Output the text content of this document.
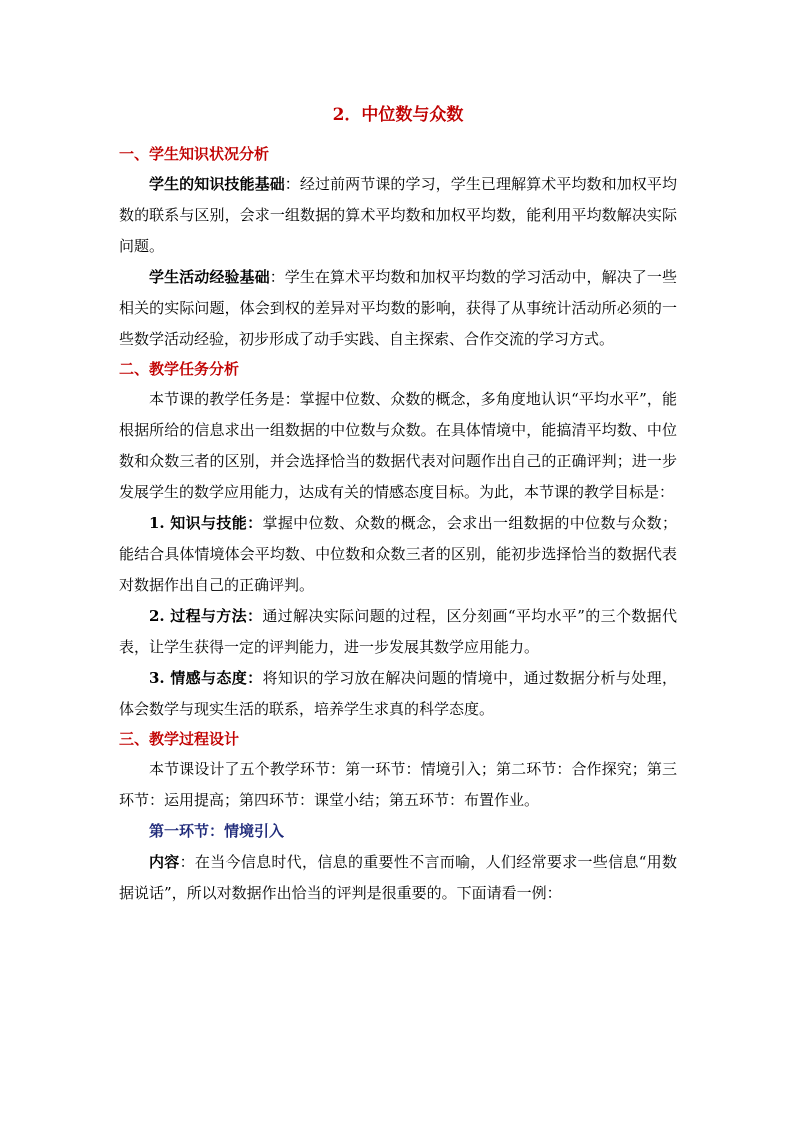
2．中位数与众数
一、学生知识状况分析

学生的知识技能基础：经过前两节课的学习，学生已理解算术平均数和加权平均数的联系与区别，会求一组数据的算术平均数和加权平均数，能利用平均数解决实际问题。

学生活动经验基础：学生在算术平均数和加权平均数的学习活动中，解决了一些相关的实际问题，体会到权的差异对平均数的影响，获得了从事统计活动所必须的一些数学活动经验，初步形成了动手实践、自主探索、合作交流的学习方式。

二、教学任务分析

本节课的教学任务是：掌握中位数、众数的概念，多角度地认识“平均水平”，能根据所给的信息求出一组数据的中位数与众数。在具体情境中，能搞清平均数、中位数和众数三者的区别，并会选择恰当的数据代表对问题作出自己的正确评判；进一步发展学生的数学应用能力，达成有关的情感态度目标。为此，本节课的教学目标是：

1. 知识与技能：掌握中位数、众数的概念，会求出一组数据的中位数与众数；能结合具体情境体会平均数、中位数和众数三者的区别，能初步选择恰当的数据代表对数据作出自己的正确评判。

2. 过程与方法：通过解决实际问题的过程，区分刻画“平均水平”的三个数据代表，让学生获得一定的评判能力，进一步发展其数学应用能力。

3. 情感与态度：将知识的学习放在解决问题的情境中，通过数据分析与处理，体会数学与现实生活的联系，培养学生求真的科学态度。

三、教学过程设计

本节课设计了五个教学环节：第一环节：情境引入；第二环节：合作探究；第三环节：运用提高；第四环节：课堂小结；第五环节：布置作业。

第一环节：情境引入

内容：在当今信息时代，信息的重要性不言而喻，人们经常要求一些信息“用数据说话”，所以对数据作出恰当的评判是很重要的。下面请看一例：
